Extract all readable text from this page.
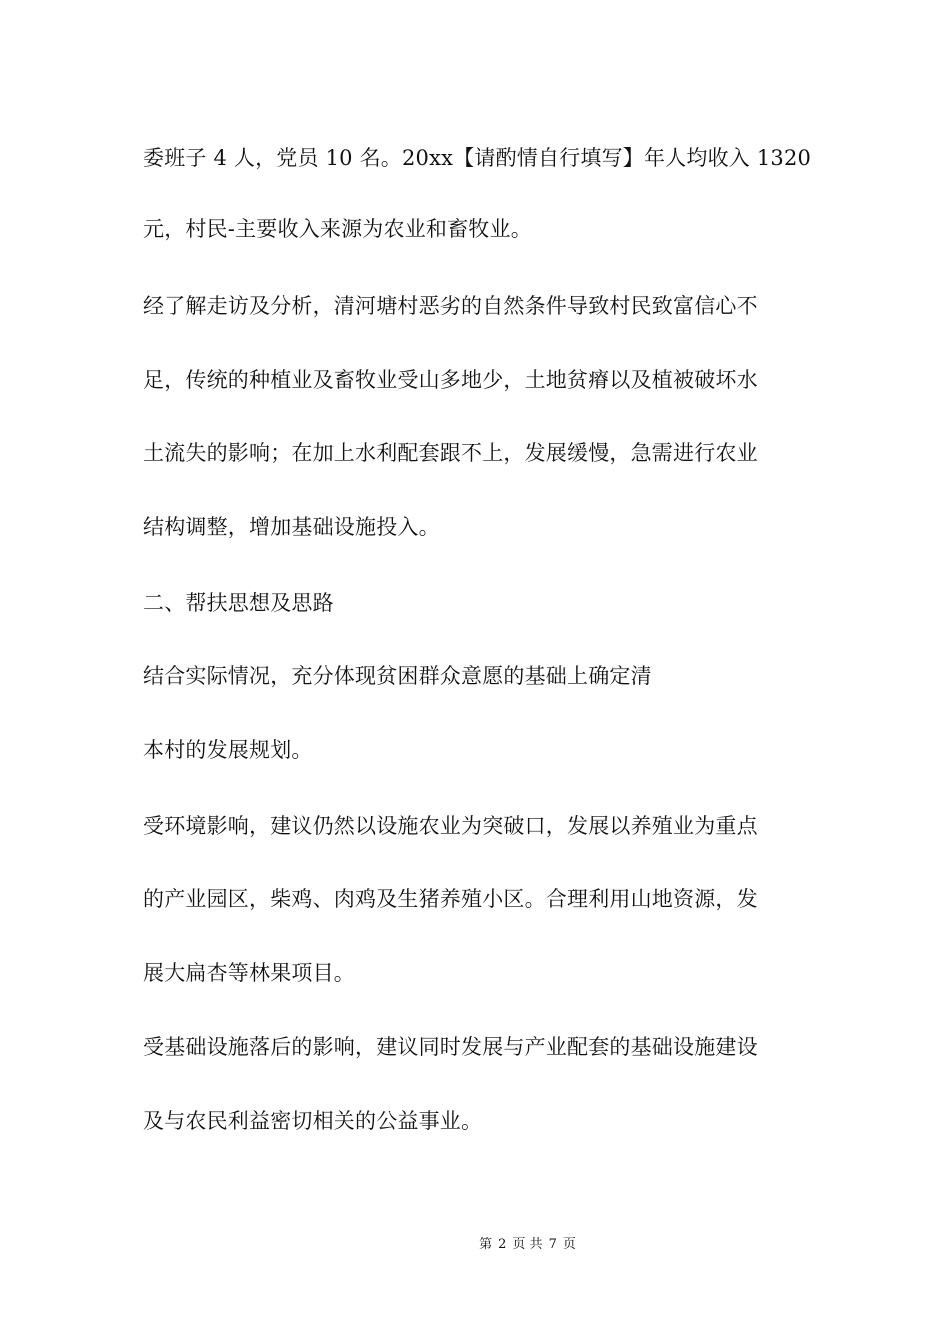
委班子 4 人，党员 10 名。20xx【请酌情自行填写】年人均收入 1320
元，村民-主要收入来源为农业和畜牧业。
经了解走访及分析，清河塘村恶劣的自然条件导致村民致富信心不
足，传统的种植业及畜牧业受山多地少，土地贫瘠以及植被破坏水
土流失的影响；在加上水利配套跟不上，发展缓慢，急需进行农业
结构调整，增加基础设施投入。
二、帮扶思想及思路
结合实际情况，充分体现贫困群众意愿的基础上确定清
本村的发展规划。
受环境影响，建议仍然以设施农业为突破口，发展以养殖业为重点
的产业园区，柴鸡、肉鸡及生猪养殖小区。合理利用山地资源，发
展大扁杏等林果项目。
受基础设施落后的影响，建议同时发展与产业配套的基础设施建设
及与农民利益密切相关的公益事业。
第 2 页 共 7 页
